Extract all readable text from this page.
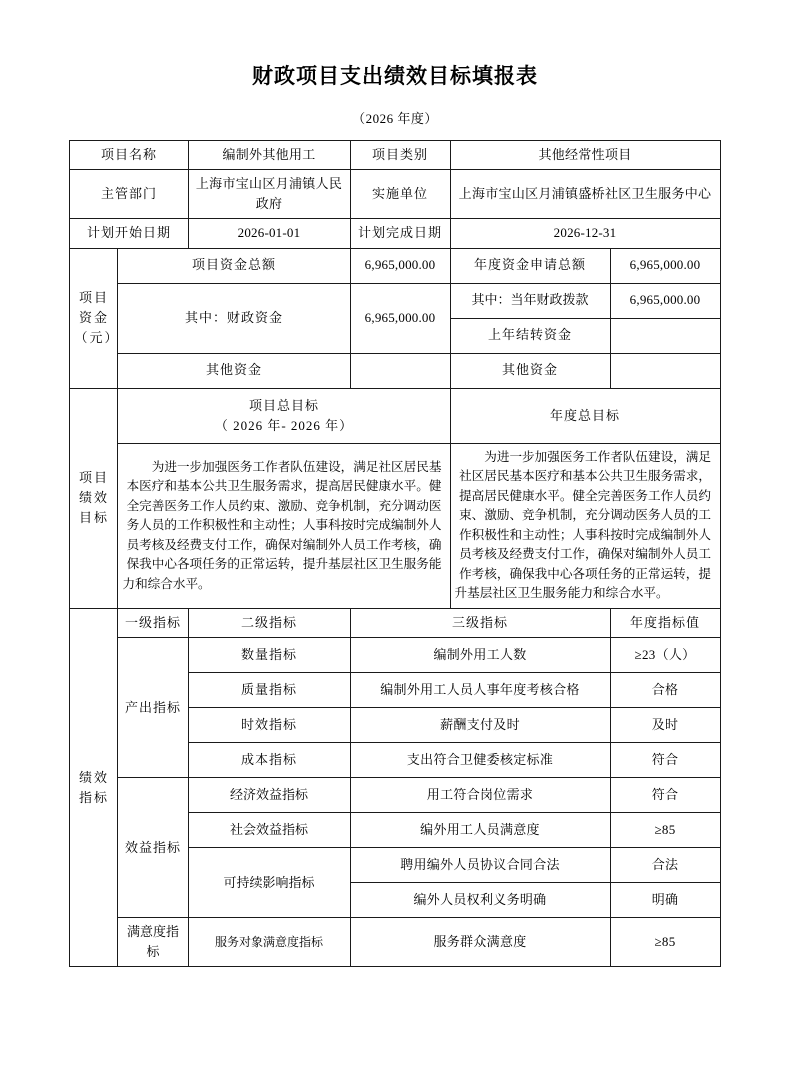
财政项目支出绩效目标填报表
（2026 年度）
项目名称		编制外其他用工	项目类别	其他经常性项目	
主管部门		上海市宝山区月浦镇人民政府	实施单位	上海市宝山区月浦镇盛桥社区卫生服务中心	
计划开始日期		2026-01-01	计划完成日期	2026-12-31	

项目资金
（元）	项目资金总额		6,965,000.00	年度资金申请总额	6,965,000.00
	其中：财政资金		6,965,000.00	其中：当年财政拨款	6,965,000.00
				上年结转资金	
	其他资金			其他资金	

项目
绩效
目标

项目总目标
（ 2026 年- 2026 年）
	年度总目标
	为进一步加强医务工作者队伍建设，满足社区居民基本医疗和基本公共卫生服务需求，提高居民健康水平。健全完善医务工作人员约束、激励、竞争机制，充分调动医务人员的工作积极性和主动性；人事科按时完成编制外人员考核及经费支付工作，确保对编制外人员工作考核，确保我中心各项任务的正常运转，提升基层社区卫生服务能力和综合水平。			为进一步加强医务工作者队伍建设，满足社区居民基本医疗和基本公共卫生服务需求，提高居民健康水平。健全完善医务工作人员约束、激励、竞争机制，充分调动医务人员的工作积极性和主动性；人事科按时完成编制外人员考核及经费支付工作，确保对编制外人员工作考核，确保我中心各项任务的正常运转，提升基层社区卫生服务能力和综合水平。	

绩效
指标	一级指标	二级指标	三级指标		年度指标值
	产出指标	数量指标	编制外用工人数		≥23（人）
		质量指标	编制外用工人员人事年度考核合格		合格
		时效指标	薪酬支付及时		及时
		成本指标	支出符合卫健委核定标准		符合
	效益指标	经济效益指标	用工符合岗位需求		符合
		社会效益指标	编外用工人员满意度		≥85
		可持续影响指标	聘用编外人员协议合同合法		合法
			编外人员权利义务明确		明确
	满意度指标	服务对象满意度指标	服务群众满意度		≥85
